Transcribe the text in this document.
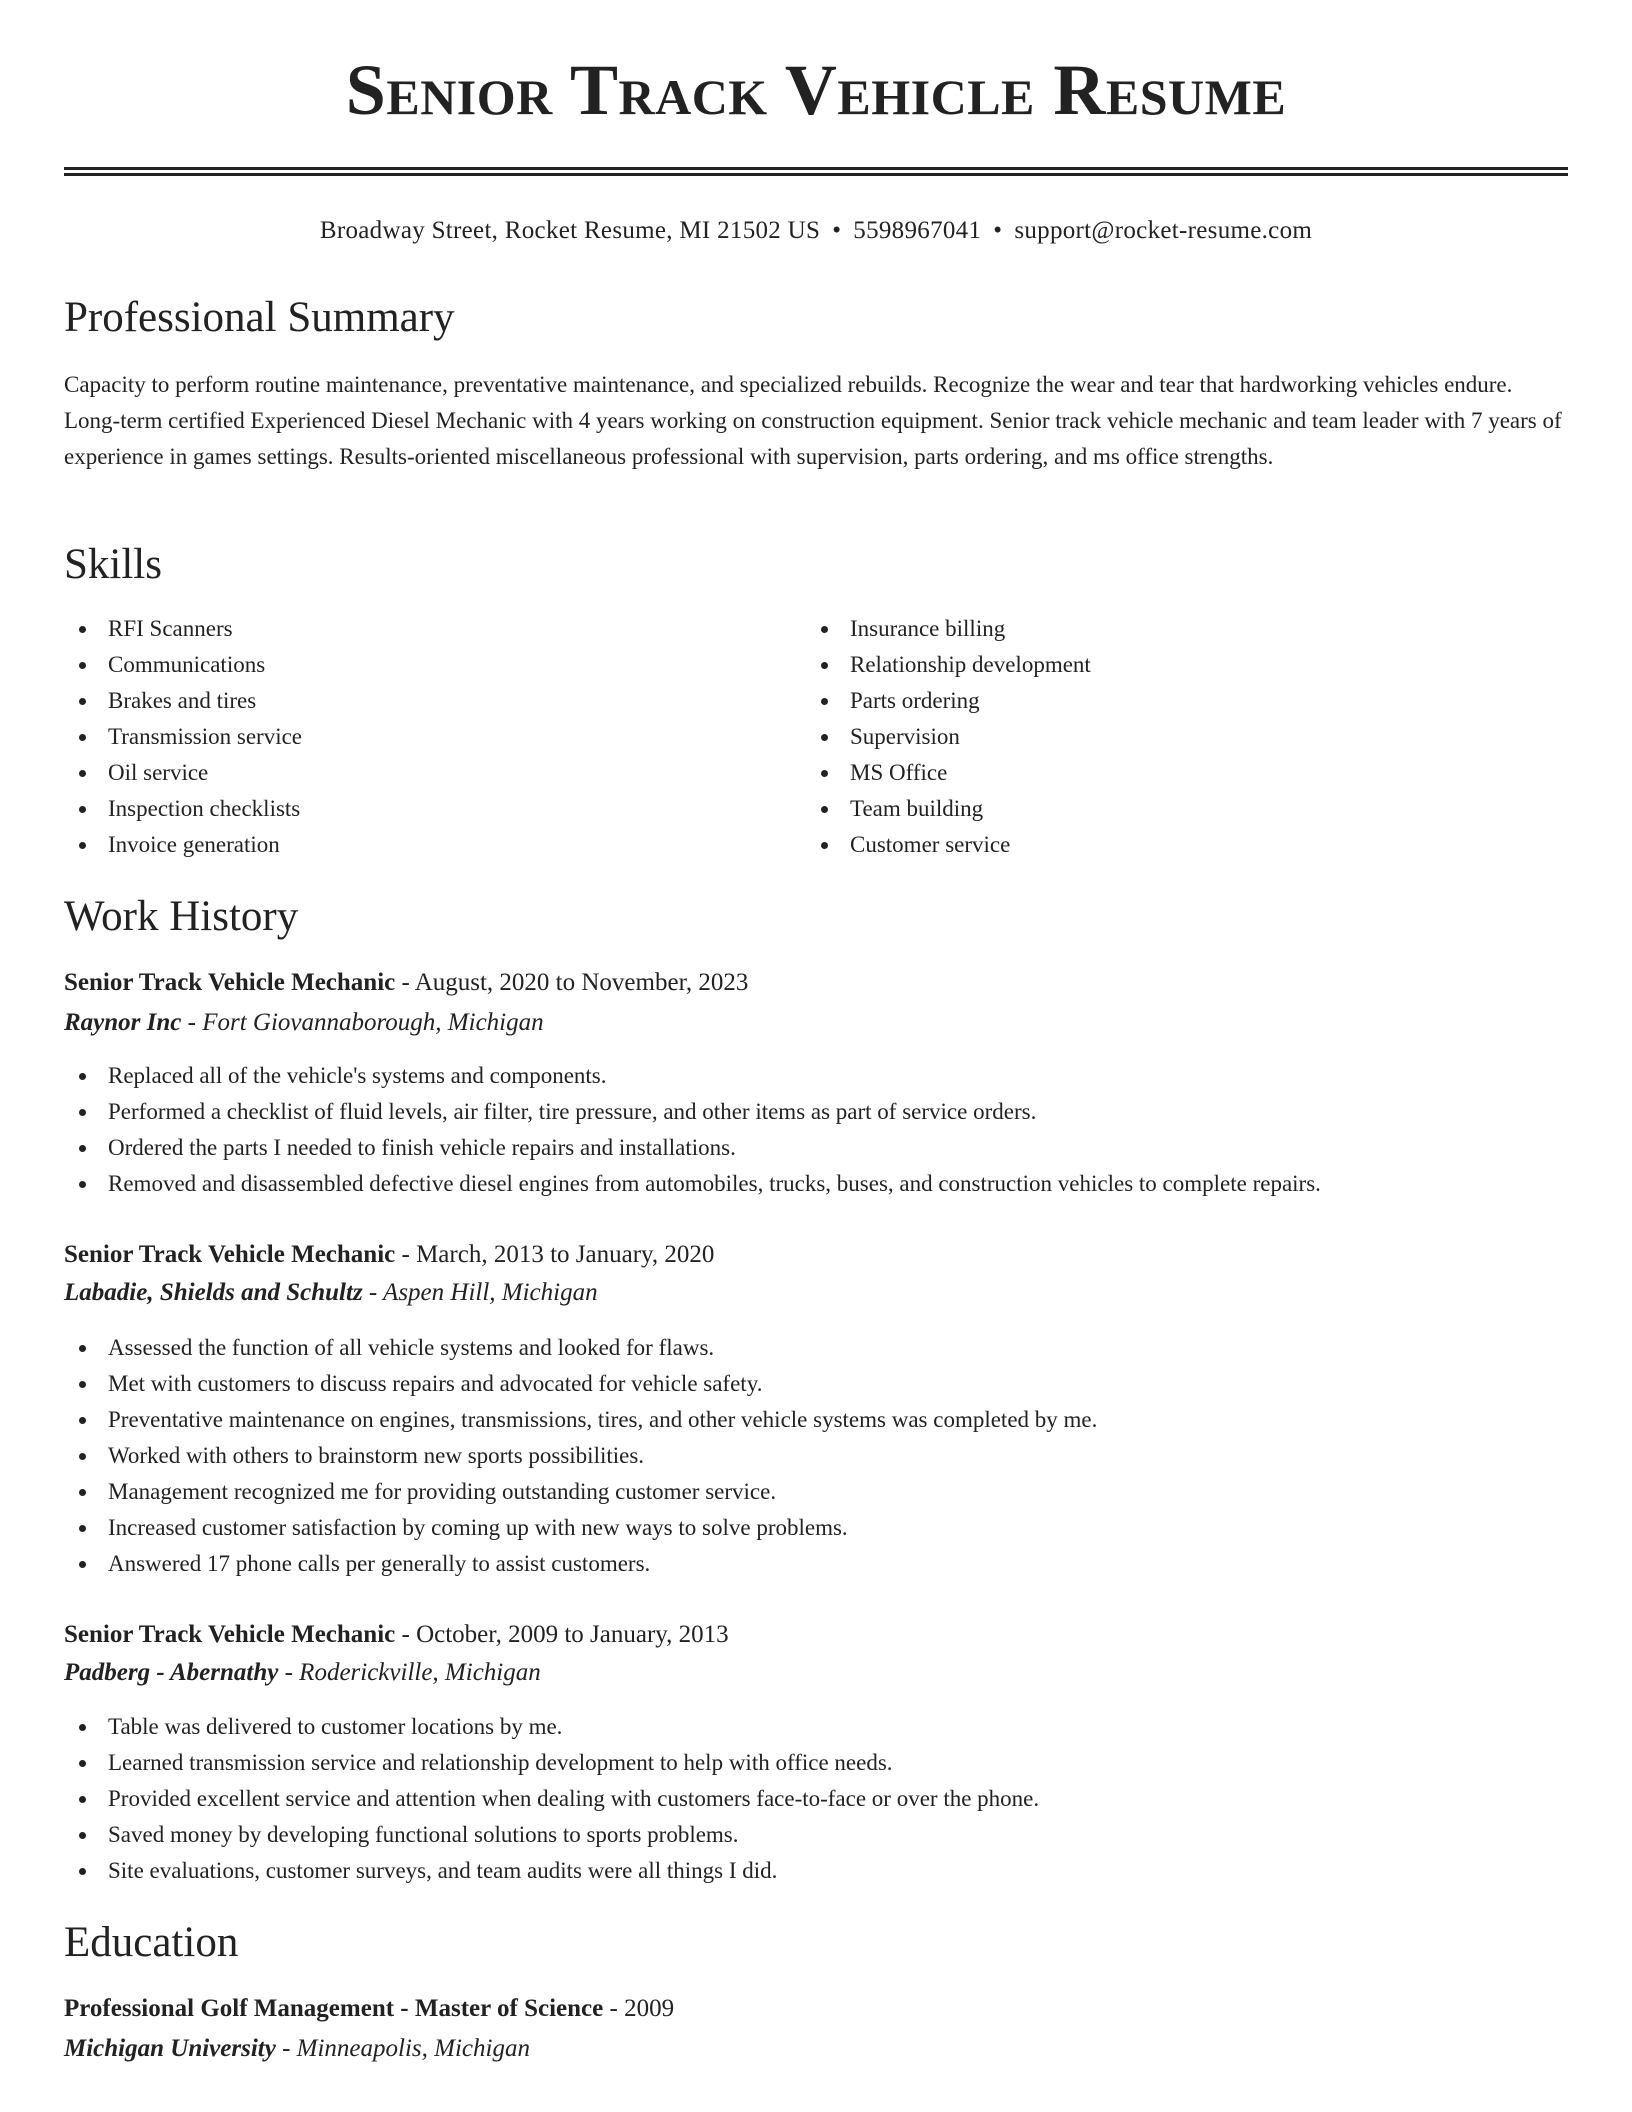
Senior Track Vehicle Resume
Broadway Street, Rocket Resume, MI 21502 US • 5598967041 • support@rocket-resume.com
Professional Summary

Capacity to perform routine maintenance, preventative maintenance, and specialized rebuilds. Recognize the wear and tear that hardworking vehicles endure. Long-term certified Experienced Diesel Mechanic with 4 years working on construction equipment. Senior track vehicle mechanic and team leader with 7 years of experience in games settings. Results-oriented miscellaneous professional with supervision, parts ordering, and ms office strengths.

Skills
RFI Scanners
Communications
Brakes and tires
Transmission service
Oil service
Inspection checklists
Invoice generation
Insurance billing
Relationship development
Parts ordering
Supervision
MS Office
Team building
Customer service
Work History
Senior Track Vehicle Mechanic - August, 2020 to November, 2023
Raynor Inc - Fort Giovannaborough, Michigan
Replaced all of the vehicle's systems and components.
Performed a checklist of fluid levels, air filter, tire pressure, and other items as part of service orders.
Ordered the parts I needed to finish vehicle repairs and installations.
Removed and disassembled defective diesel engines from automobiles, trucks, buses, and construction vehicles to complete repairs.
Senior Track Vehicle Mechanic - March, 2013 to January, 2020
Labadie, Shields and Schultz - Aspen Hill, Michigan
Assessed the function of all vehicle systems and looked for flaws.
Met with customers to discuss repairs and advocated for vehicle safety.
Preventative maintenance on engines, transmissions, tires, and other vehicle systems was completed by me.
Worked with others to brainstorm new sports possibilities.
Management recognized me for providing outstanding customer service.
Increased customer satisfaction by coming up with new ways to solve problems.
Answered 17 phone calls per generally to assist customers.
Senior Track Vehicle Mechanic - October, 2009 to January, 2013
Padberg - Abernathy - Roderickville, Michigan
Table was delivered to customer locations by me.
Learned transmission service and relationship development to help with office needs.
Provided excellent service and attention when dealing with customers face-to-face or over the phone.
Saved money by developing functional solutions to sports problems.
Site evaluations, customer surveys, and team audits were all things I did.
Education
Professional Golf Management - Master of Science - 2009
Michigan University - Minneapolis, Michigan
